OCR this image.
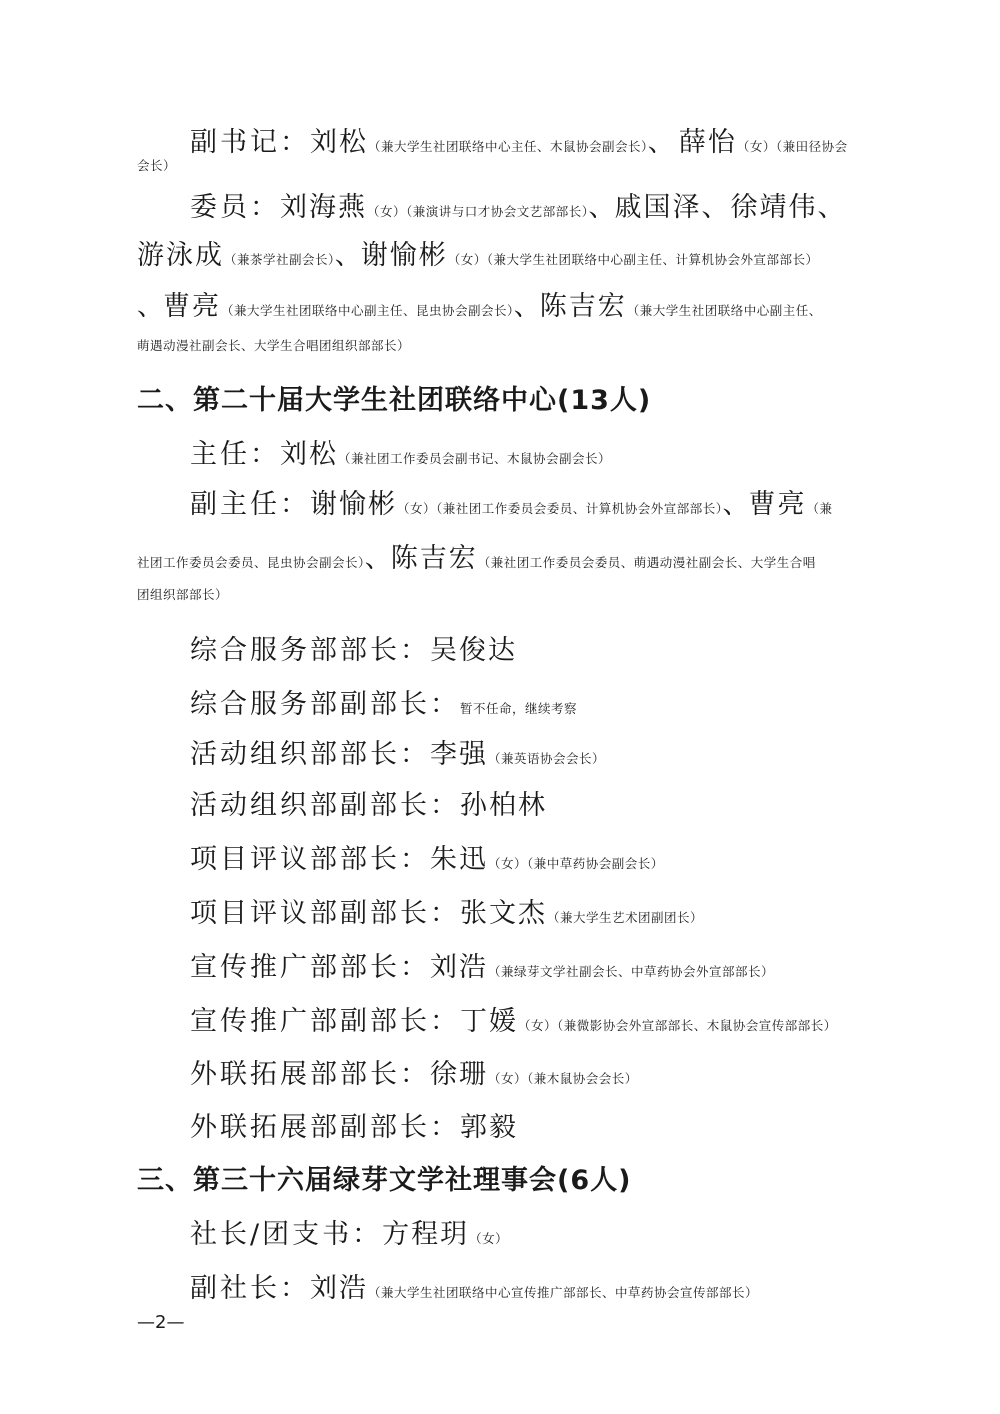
副书记：刘松（兼大学生社团联络中心主任、木鼠协会副会长）、 薛怡（女）（兼田径协会
会长）
委员：刘海燕（女）（兼演讲与口才协会文艺部部长）、戚国泽、徐靖伟、
游泳成（兼茶学社副会长）、谢愉彬（女）（兼大学生社团联络中心副主任、计算机协会外宣部部长）
、曹亮（兼大学生社团联络中心副主任、昆虫协会副会长）、陈吉宏（兼大学生社团联络中心副主任、
萌遇动漫社副会长、大学生合唱团组织部部长）
二、第二十届大学生社团联络中心(13人)
主任：刘松（兼社团工作委员会副书记、木鼠协会副会长）
副主任：谢愉彬（女）（兼社团工作委员会委员、计算机协会外宣部部长）、曹亮（兼
社团工作委员会委员、昆虫协会副会长）、陈吉宏（兼社团工作委员会委员、萌遇动漫社副会长、大学生合唱
团组织部部长）
综合服务部部长：吴俊达
综合服务部副部长：暂不任命，继续考察
活动组织部部长：李强（兼英语协会会长）
活动组织部副部长：孙柏林
项目评议部部长：朱迅（女）（兼中草药协会副会长）
项目评议部副部长：张文杰（兼大学生艺术团副团长）
宣传推广部部长：刘浩（兼绿芽文学社副会长、中草药协会外宣部部长）
宣传推广部副部长：丁媛（女）（兼微影协会外宣部部长、木鼠协会宣传部部长）
外联拓展部部长：徐珊（女）（兼木鼠协会会长）
外联拓展部副部长：郭毅
三、第三十六届绿芽文学社理事会(6人)
社长/团支书：方程玥（女）
副社长：刘浩（兼大学生社团联络中心宣传推广部部长、中草药协会宣传部部长）
—2—
